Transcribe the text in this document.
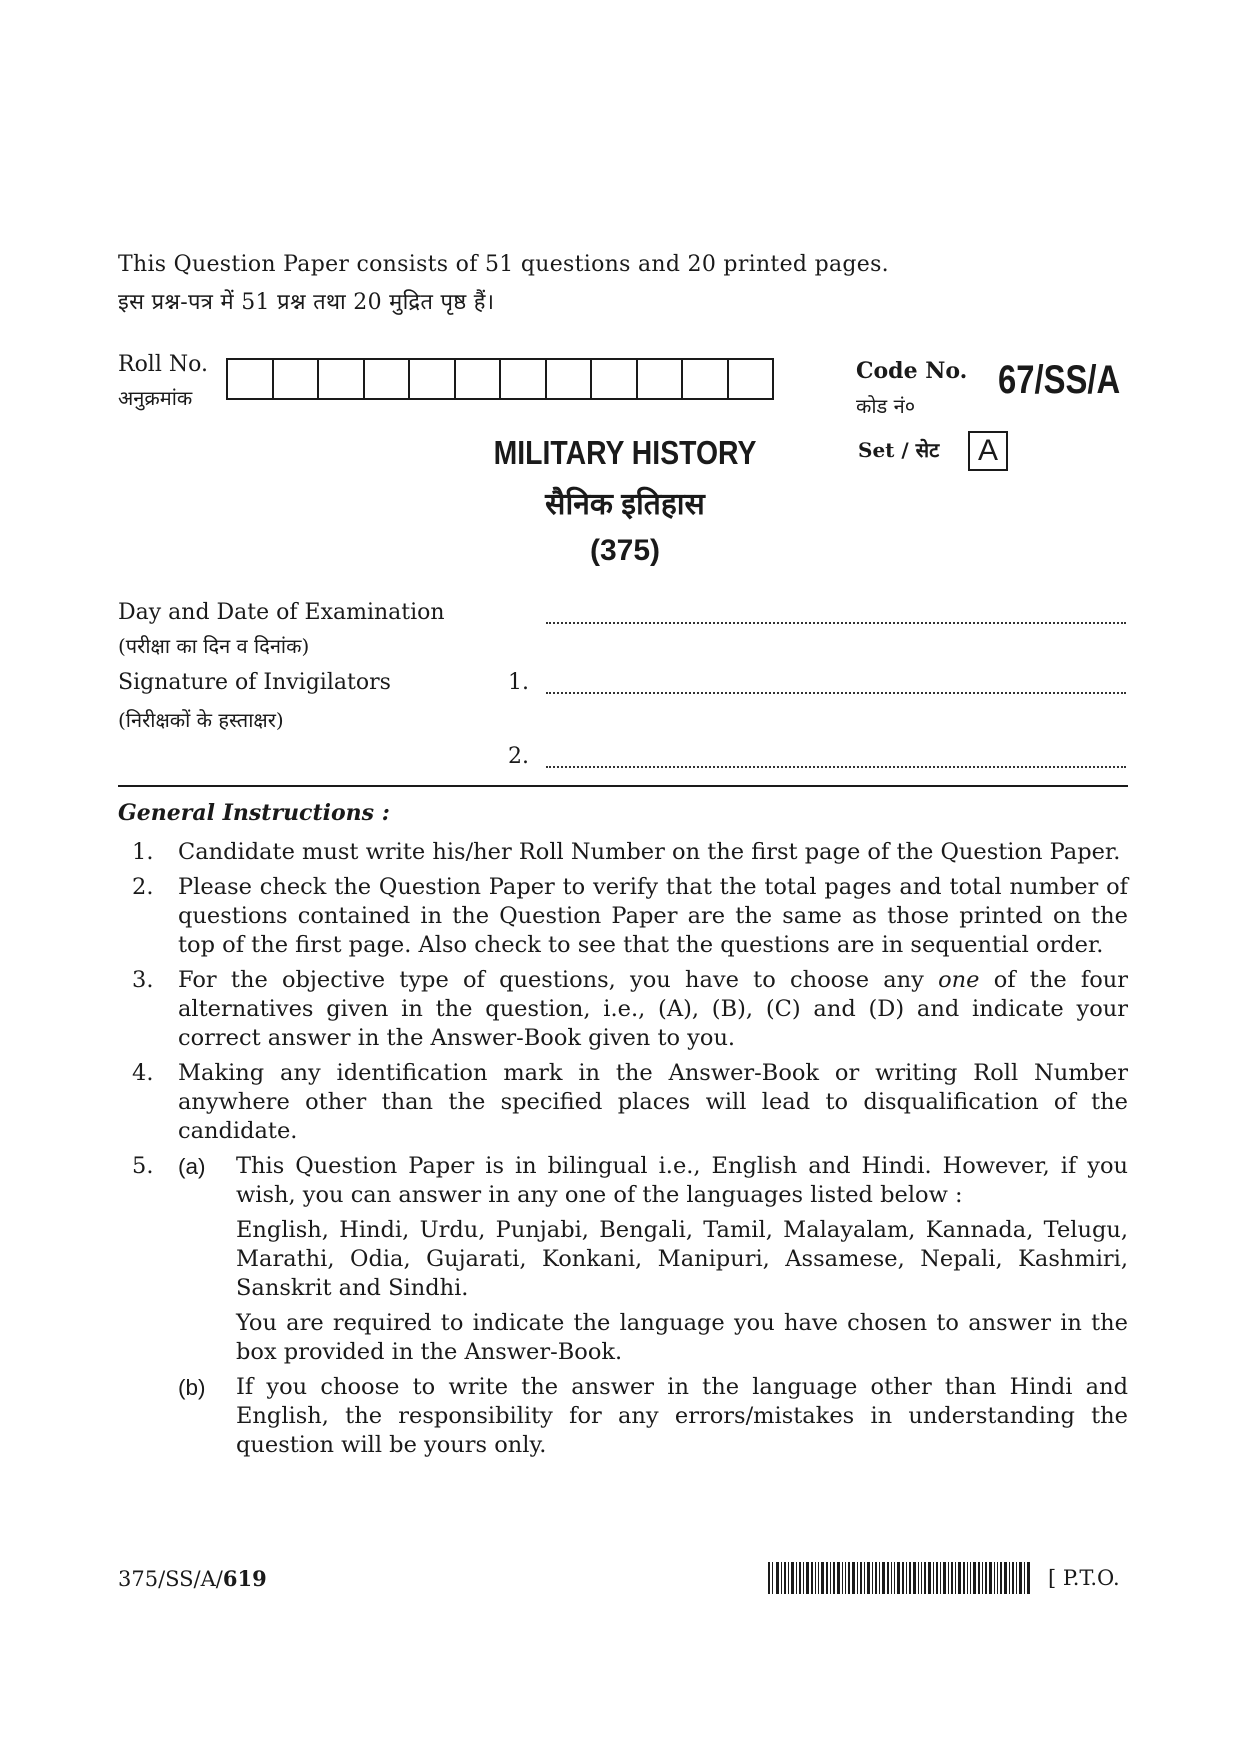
This Question Paper consists of 51 questions and 20 printed pages.
इस प्रश्न-पत्र में 51 प्रश्न तथा 20 मुद्रित पृष्ठ हैं।
Roll No.
अनुक्रमांक
Code No.
कोड नं०
67/SS/A
Set / सेट	A
MILITARY HISTORY
सैनिक इतिहास
(375)
Day and Date of Examination
(परीक्षा का दिन व दिनांक)
Signature of Invigilators
(निरीक्षकों के हस्ताक्षर)
1.
2.
General Instructions :
1. Candidate must write his/her Roll Number on the first page of the Question Paper.
2. Please check the Question Paper to verify that the total pages and total number of questions contained in the Question Paper are the same as those printed on the top of the first page. Also check to see that the questions are in sequential order.
3. For the objective type of questions, you have to choose any one of the four alternatives given in the question, i.e., (A), (B), (C) and (D) and indicate your correct answer in the Answer-Book given to you.
4. Making any identification mark in the Answer-Book or writing Roll Number anywhere other than the specified places will lead to disqualification of the candidate.
5. (a) This Question Paper is in bilingual i.e., English and Hindi. However, if you wish, you can answer in any one of the languages listed below :
English, Hindi, Urdu, Punjabi, Bengali, Tamil, Malayalam, Kannada, Telugu, Marathi, Odia, Gujarati, Konkani, Manipuri, Assamese, Nepali, Kashmiri, Sanskrit and Sindhi.
You are required to indicate the language you have chosen to answer in the box provided in the Answer-Book.
(b) If you choose to write the answer in the language other than Hindi and English, the responsibility for any errors/mistakes in understanding the question will be yours only.
375/SS/A/619	[ P.T.O.
